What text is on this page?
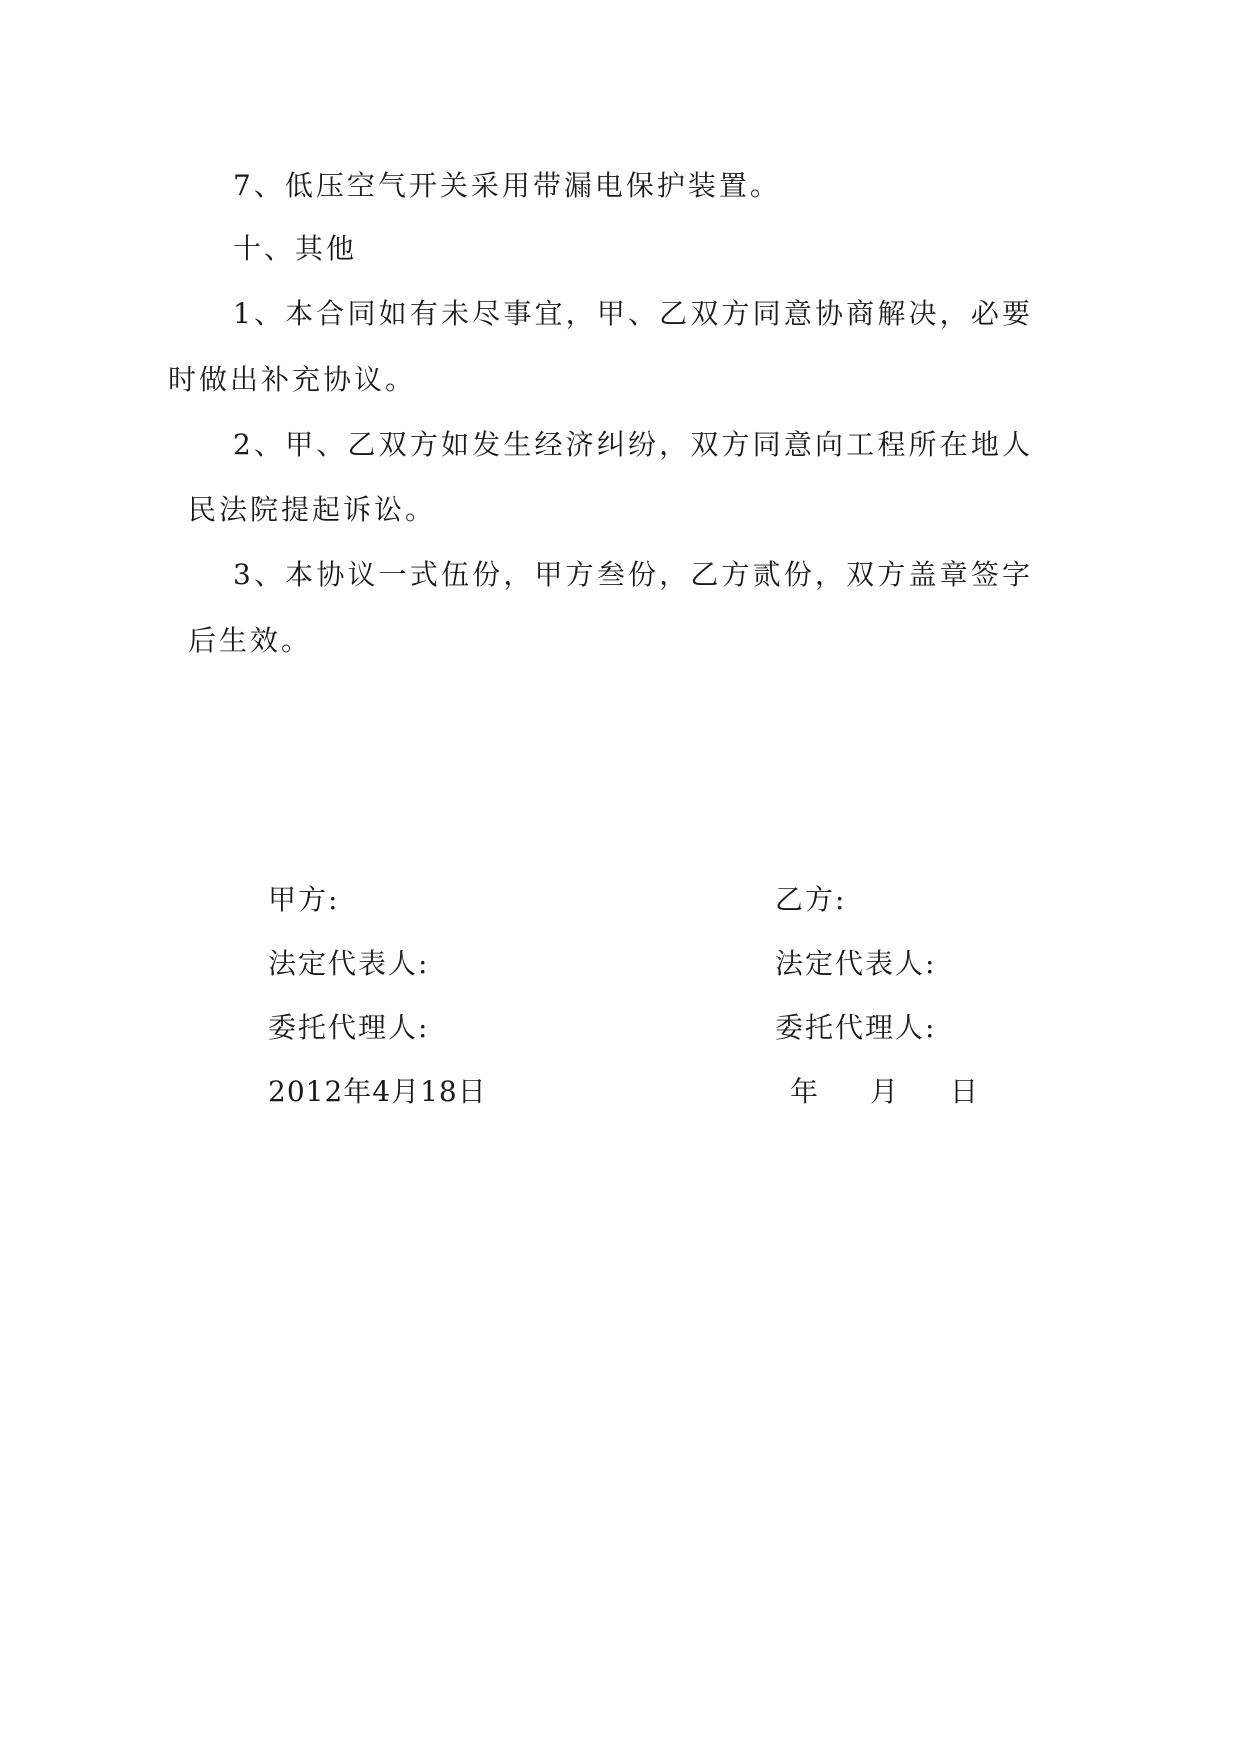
7、低压空气开关采用带漏电保护装置。
十、其他
1、本合同如有未尽事宜，甲、乙双方同意协商解决，必要
时做出补充协议。
2、甲、乙双方如发生经济纠纷，双方同意向工程所在地人
民法院提起诉讼。
3、本协议一式伍份，甲方叁份，乙方贰份，双方盖章签字
后生效。
甲方:
法定代表人:
委托代理人:
2012年4月18日
乙方:
法定代表人:
委托代理人:
年 月 日
